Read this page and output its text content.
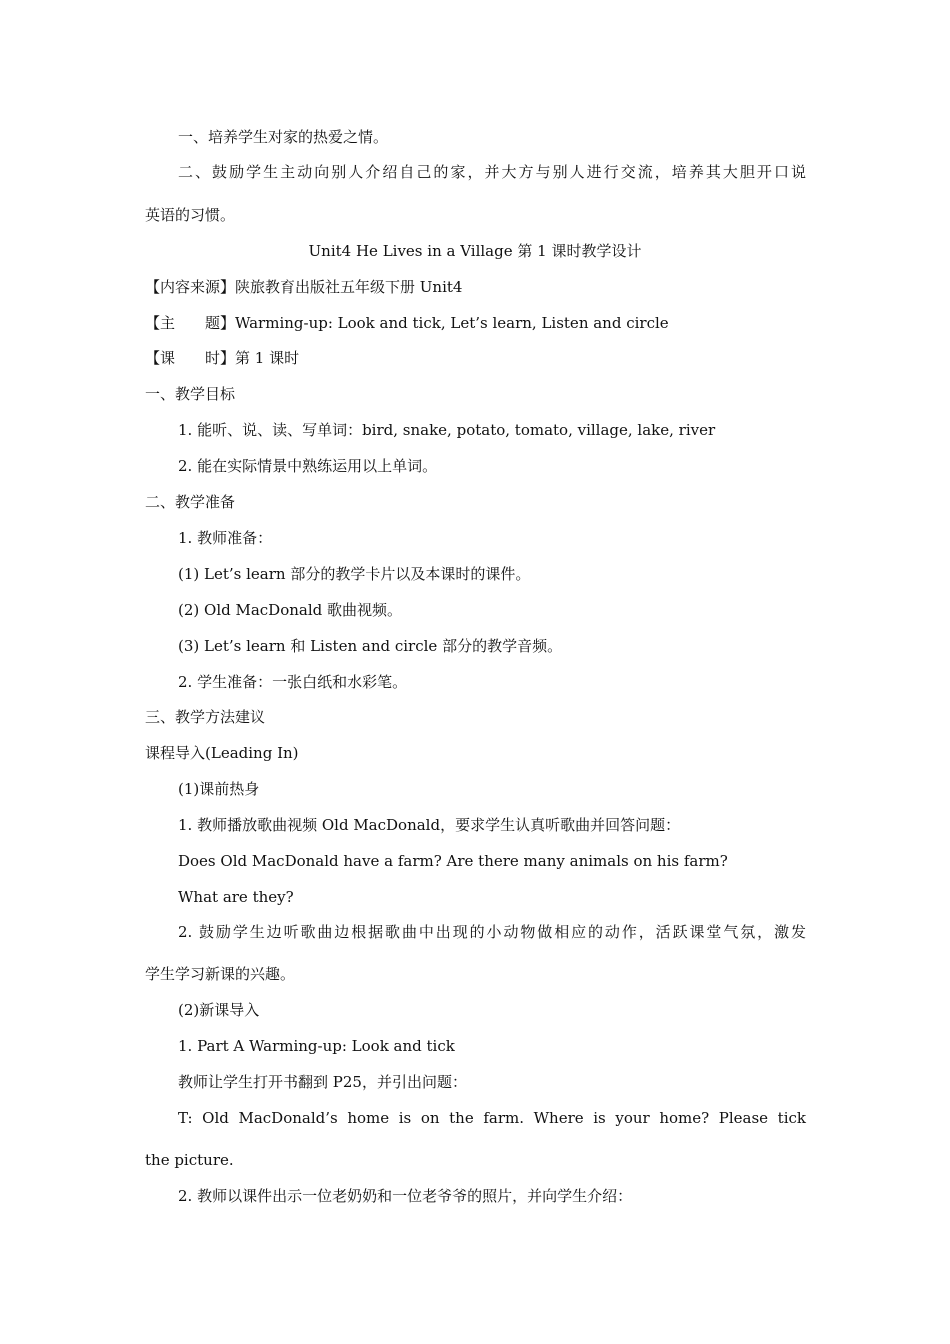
一、培养学生对家的热爱之情。
二、鼓励学生主动向别人介绍自己的家，并大方与别人进行交流，培养其大胆开口说
英语的习惯。
Unit4 He Lives in a Village 第 1 课时教学设计
【内容来源】陕旅教育出版社五年级下册 Unit4
【主　　题】Warming-up: Look and tick, Let’s learn, Listen and circle
【课　　时】第 1 课时
一、教学目标
1. 能听、说、读、写单词：bird, snake, potato, tomato, village, lake, river
2. 能在实际情景中熟练运用以上单词。
二、教学准备
1. 教师准备：
(1) Let’s learn 部分的教学卡片以及本课时的课件。
(2) Old MacDonald 歌曲视频。
(3) Let’s learn 和 Listen and circle 部分的教学音频。
2. 学生准备：一张白纸和水彩笔。
三、教学方法建议
课程导入(Leading In)
(1)课前热身
1. 教师播放歌曲视频 Old MacDonald，要求学生认真听歌曲并回答问题：
Does Old MacDonald have a farm? Are there many animals on his farm?
What are they?
2. 鼓励学生边听歌曲边根据歌曲中出现的小动物做相应的动作，活跃课堂气氛，激发
学生学习新课的兴趣。
(2)新课导入
1. Part A Warming-up: Look and tick
教师让学生打开书翻到 P25，并引出问题：
T: Old MacDonald’s home is on the farm. Where is your home? Please tick
the picture.
2. 教师以课件出示一位老奶奶和一位老爷爷的照片，并向学生介绍：
